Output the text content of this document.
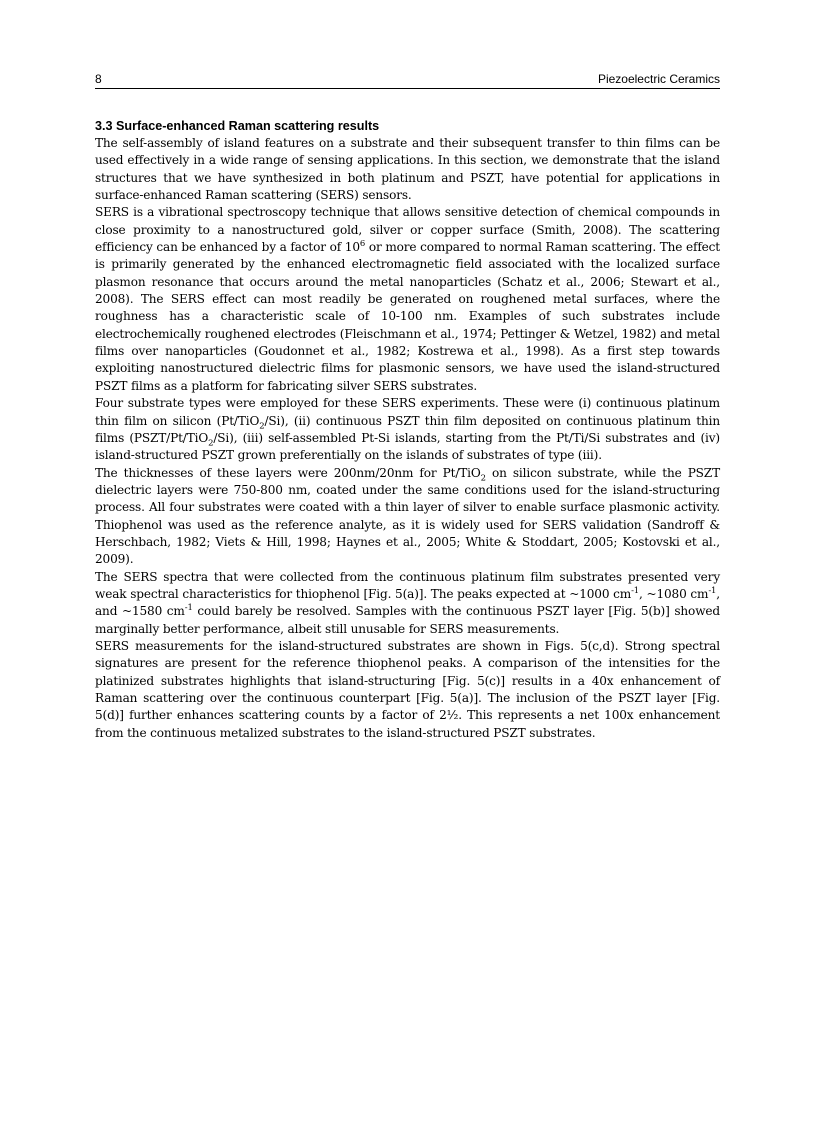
8	Piezoelectric Ceramics
3.3 Surface-enhanced Raman scattering results

The self-assembly of island features on a substrate and their subsequent transfer to thin films can be used effectively in a wide range of sensing applications. In this section, we demonstrate that the island structures that we have synthesized in both platinum and PSZT, have potential for applications in surface-enhanced Raman scattering (SERS) sensors.

SERS is a vibrational spectroscopy technique that allows sensitive detection of chemical compounds in close proximity to a nanostructured gold, silver or copper surface (Smith, 2008). The scattering efficiency can be enhanced by a factor of $10^6$ or more compared to normal Raman scattering. The effect is primarily generated by the enhanced electromagnetic field associated with the localized surface plasmon resonance that occurs around the metal nanoparticles (Schatz et al., 2006; Stewart et al., 2008). The SERS effect can most readily be generated on roughened metal surfaces, where the roughness has a characteristic scale of 10-100 nm. Examples of such substrates include electrochemically roughened electrodes (Fleischmann et al., 1974; Pettinger & Wetzel, 1982) and metal films over nanoparticles (Goudonnet et al., 1982; Kostrewa et al., 1998). As a first step towards exploiting nanostructured dielectric films for plasmonic sensors, we have used the island-structured PSZT films as a platform for fabricating silver SERS substrates.

Four substrate types were employed for these SERS experiments. These were (i) continuous platinum thin film on silicon (Pt/TiO$_2$/Si), (ii) continuous PSZT thin film deposited on continuous platinum thin films (PSZT/Pt/TiO$_2$/Si), (iii) self-assembled Pt-Si islands, starting from the Pt/Ti/Si substrates and (iv) island-structured PSZT grown preferentially on the islands of substrates of type (iii).

The thicknesses of these layers were 200nm/20nm for Pt/TiO$_2$ on silicon substrate, while the PSZT dielectric layers were 750-800 nm, coated under the same conditions used for the island-structuring process. All four substrates were coated with a thin layer of silver to enable surface plasmonic activity. Thiophenol was used as the reference analyte, as it is widely used for SERS validation (Sandroff & Herschbach, 1982; Viets & Hill, 1998; Haynes et al., 2005; White & Stoddart, 2005; Kostovski et al., 2009).

The SERS spectra that were collected from the continuous platinum film substrates presented very weak spectral characteristics for thiophenol [Fig. 5(a)]. The peaks expected at ~1000 $cm^{-1}$, ~1080 $cm^{-1}$, and ~1580 $cm^{-1}$ could barely be resolved. Samples with the continuous PSZT layer [Fig. 5(b)] showed marginally better performance, albeit still unusable for SERS measurements.

SERS measurements for the island-structured substrates are shown in Figs. 5(c,d). Strong spectral signatures are present for the reference thiophenol peaks. A comparison of the intensities for the platinized substrates highlights that island-structuring [Fig. 5(c)] results in a 40x enhancement of Raman scattering over the continuous counterpart [Fig. 5(a)]. The inclusion of the PSZT layer [Fig. 5(d)] further enhances scattering counts by a factor of 2½. This represents a net 100x enhancement from the continuous metalized substrates to the island-structured PSZT substrates.
